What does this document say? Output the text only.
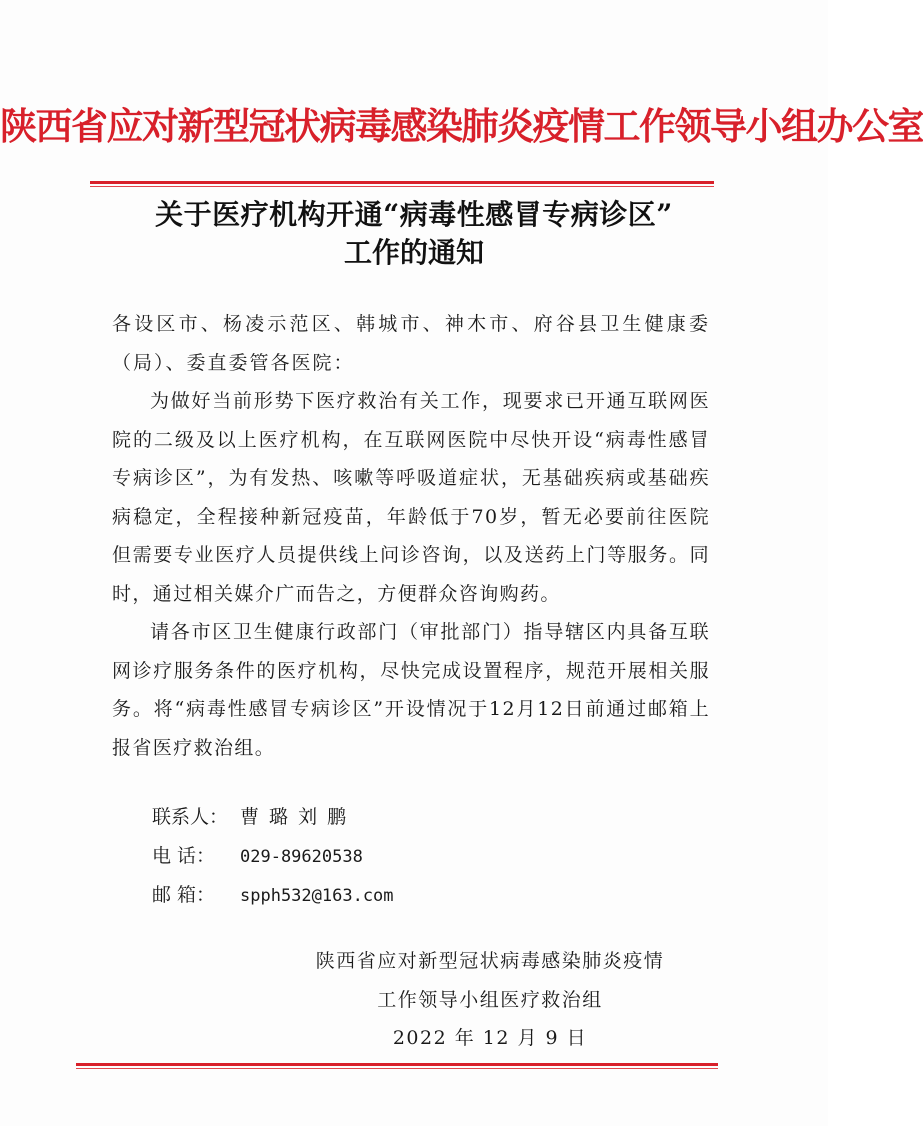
陕西省应对新型冠状病毒感染肺炎疫情工作领导小组办公室
关于医疗机构开通“病毒性感冒专病诊区”
工作的通知

各设区市、杨凌示范区、韩城市、神木市、府谷县卫生健康委（局）、委直委管各医院：

为做好当前形势下医疗救治有关工作，现要求已开通互联网医院的二级及以上医疗机构，在互联网医院中尽快开设“病毒性感冒专病诊区”，为有发热、咳嗽等呼吸道症状，无基础疾病或基础疾病稳定，全程接种新冠疫苗，年龄低于70岁，暂无必要前往医院但需要专业医疗人员提供线上问诊咨询，以及送药上门等服务。同时，通过相关媒介广而告之，方便群众咨询购药。

请各市区卫生健康行政部门（审批部门）指导辖区内具备互联网诊疗服务条件的医疗机构，尽快完成设置程序，规范开展相关服务。将“病毒性感冒专病诊区”开设情况于12月12日前通过邮箱上报省医疗救治组。

联系人： 曹 璐 刘 鹏
电 话： 029-89620538
邮 箱： spph532@163.com
陕西省应对新型冠状病毒感染肺炎疫情
工作领导小组医疗救治组
2022 年 12 月 9 日
